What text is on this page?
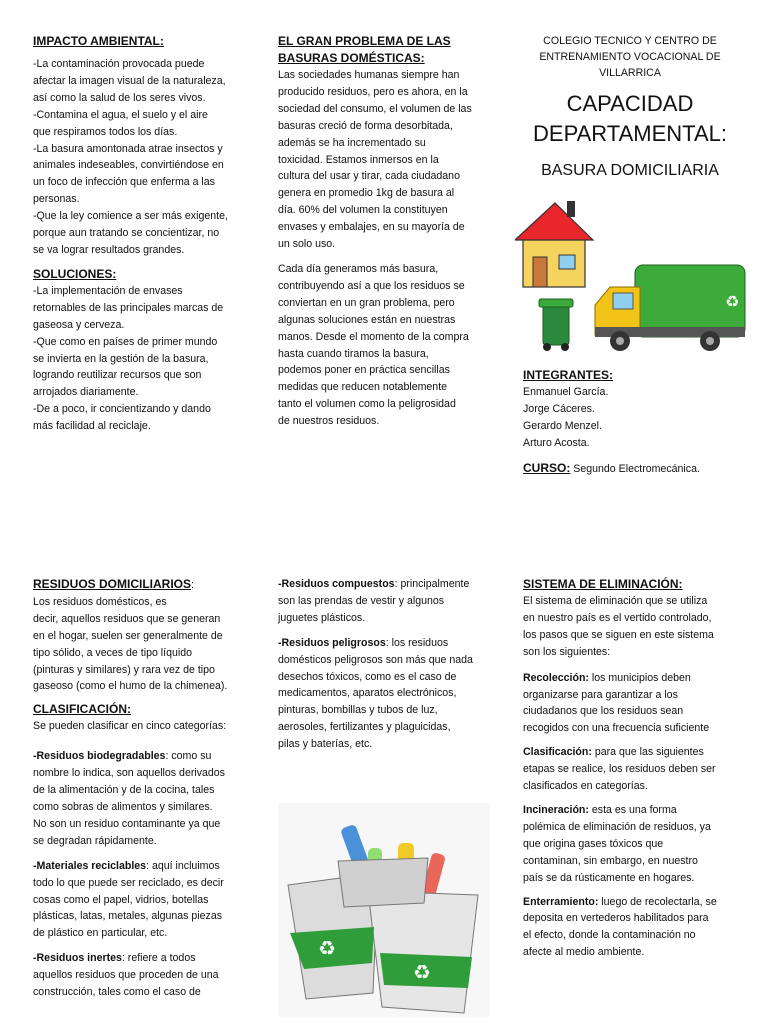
IMPACTO AMBIENTAL:

-La contaminación provocada puede

afectar la imagen visual de la naturaleza,

así como la salud de los seres vivos.

-Contamina el agua, el suelo y el aire

que respiramos todos los días.

-La basura amontonada atrae insectos y

animales indeseables, convirtiéndose en

un foco de infección que enferma a las

personas.

-Que la ley comience a ser más exigente,

porque aun tratando se concientizar, no

se va lograr resultados grandes.

SOLUCIONES:

-La implementación de envases

retornables de las principales marcas de

gaseosa y cerveza.

-Que como en países de primer mundo

se invierta en la gestión de la basura,

logrando reutilizar recursos que son

arrojados diariamente.

-De a poco, ir concientizando y dando

más facilidad al reciclaje.

EL GRAN PROBLEMA DE LAS
BASURAS DOMÉSTICAS:

Las sociedades humanas siempre han

producido residuos, pero es ahora, en la

sociedad del consumo, el volumen de las

basuras creció de forma desorbitada,

además se ha incrementado su

toxicidad. Estamos inmersos en la

cultura del usar y tirar, cada ciudadano

genera en promedio 1kg de basura al

día. 60% del volumen la constituyen

envases y embalajes, en su mayoría de

un solo uso.

Cada día generamos más basura,

contribuyendo así a que los residuos se

conviertan en un gran problema, pero

algunas soluciones están en nuestras

manos. Desde el momento de la compra

hasta cuando tiramos la basura,

podemos poner en práctica sencillas

medidas que reducen notablemente

tanto el volumen como la peligrosidad

de nuestros residuos.

COLEGIO TECNICO Y CENTRO DE

ENTRENAMIENTO VOCACIONAL DE

VILLARRICA

CAPACIDAD

DEPARTAMENTAL:

BASURA DOMICILIARIA

♻
INTEGRANTES:

Enmanuel García.

Jorge Cáceres.

Gerardo Menzel.

Arturo Acosta.

CURSO: Segundo Electromecánica.

RESIDUOS DOMICILIARIOS:

Los residuos domésticos, es

decir, aquellos residuos que se generan

en el hogar, suelen ser generalmente de

tipo sólido, a veces de tipo líquido

(pinturas y similares) y rara vez de tipo

gaseoso (como el humo de la chimenea).

CLASIFICACIÓN:

Se pueden clasificar en cinco categorías:

-Residuos biodegradables: como su

nombre lo indica, son aquellos derivados

de la alimentación y de la cocina, tales

como sobras de alimentos y similares.

No son un residuo contaminante ya que

se degradan rápidamente.

-Materiales reciclables: aquí incluimos

todo lo que puede ser reciclado, es decir

cosas como el papel, vidrios, botellas

plásticas, latas, metales, algunas piezas

de plástico en particular, etc.

-Residuos inertes: refiere a todos

aquellos residuos que proceden de una

construcción, tales como el caso de

-Residuos compuestos: principalmente

son las prendas de vestir y algunos

juguetes plásticos.

-Residuos peligrosos: los residuos

domésticos peligrosos son más que nada

desechos tóxicos, como es el caso de

medicamentos, aparatos electrónicos,

pinturas, bombillas y tubos de luz,

aerosoles, fertilizantes y plaguicidas,

pilas y baterías, etc.

♻
♻
SISTEMA DE ELIMINACIÓN:

El sistema de eliminación que se utiliza

en nuestro país es el vertido controlado,

los pasos que se siguen en este sistema

son los siguientes:

Recolección: los municipios deben

organizarse para garantizar a los

ciudadanos que los residuos sean

recogidos con una frecuencia suficiente

Clasificación: para que las siguientes

etapas se realice, los residuos deben ser

clasificados en categorías.

Incineración: esta es una forma

polémica de eliminación de residuos, ya

que origina gases tóxicos que

contaminan, sin embargo, en nuestro

país se da rústicamente en hogares.

Enterramiento: luego de recolectarla, se

deposita en vertederos habilitados para

el efecto, donde la contaminación no

afecte al medio ambiente.
